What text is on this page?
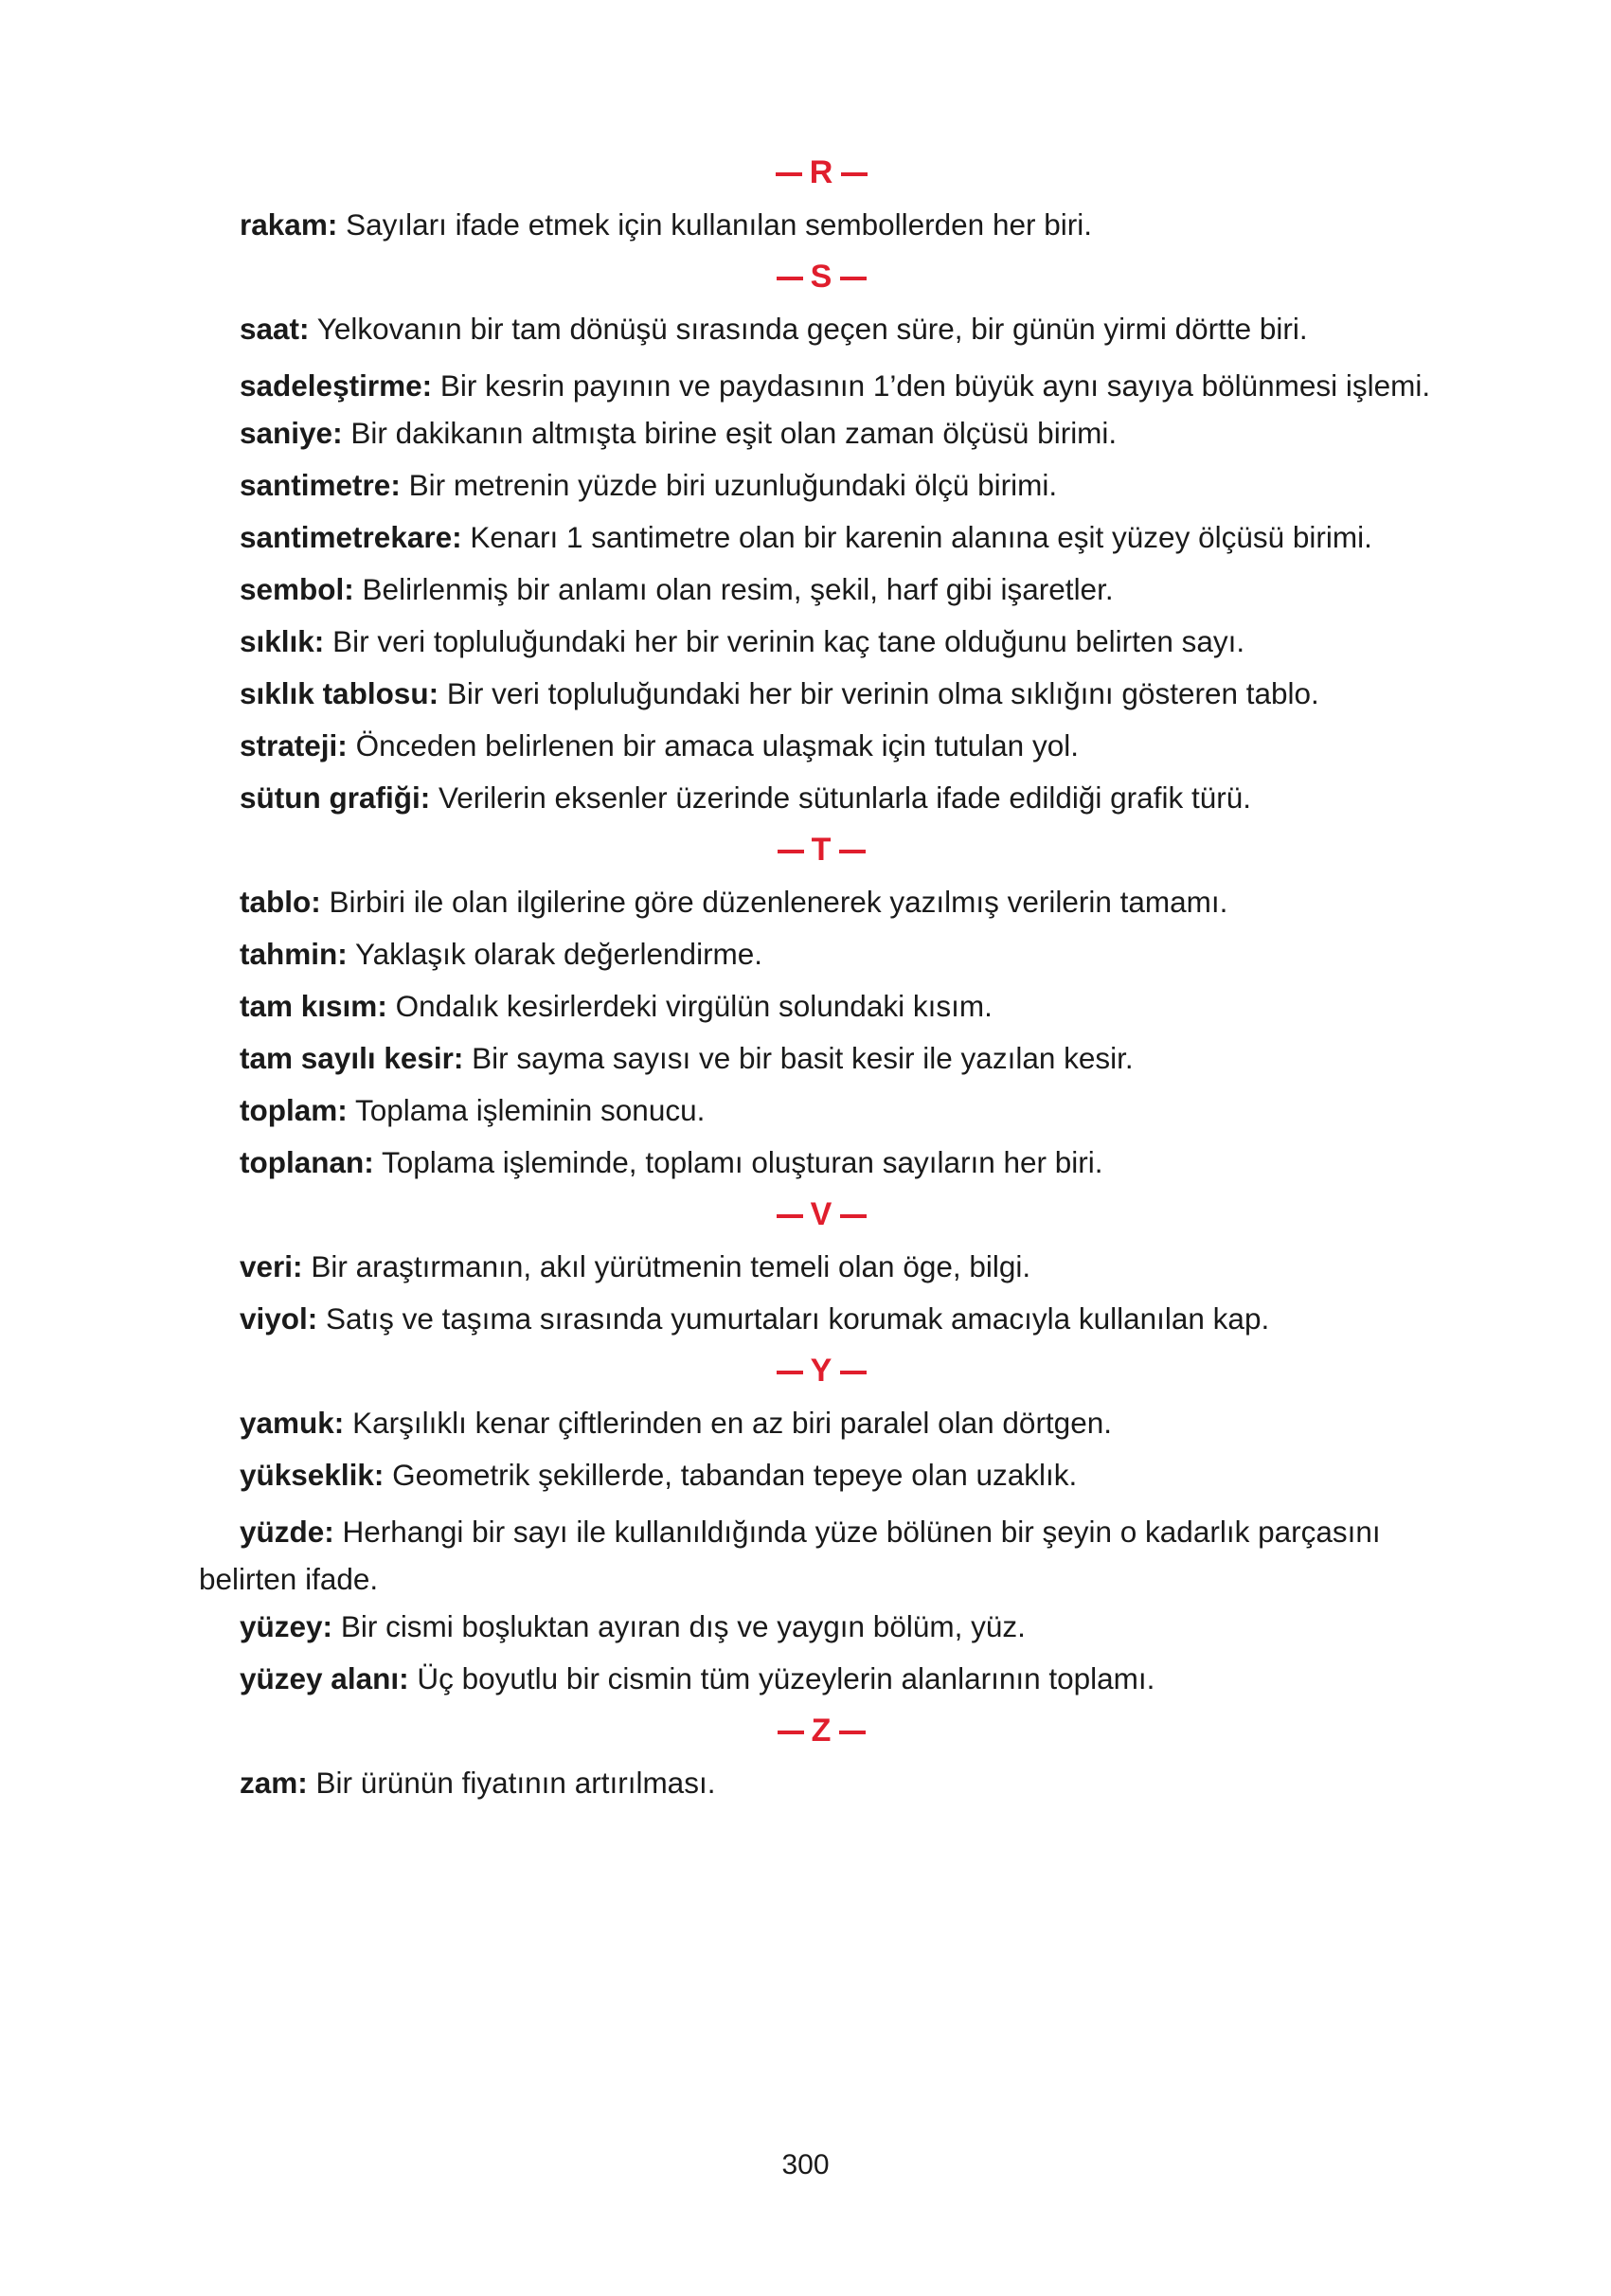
R

rakam: Sayıları ifade etmek için kullanılan sembollerden her biri.

S

saat: Yelkovanın bir tam dönüşü sırasında geçen süre, bir günün yirmi dörtte biri.

sadeleştirme: Bir kesrin payının ve paydasının 1’den büyük aynı sayıya bölünmesi işlemi.

saniye: Bir dakikanın altmışta birine eşit olan zaman ölçüsü birimi.

santimetre: Bir metrenin yüzde biri uzunluğundaki ölçü birimi.

santimetrekare: Kenarı 1 santimetre olan bir karenin alanına eşit yüzey ölçüsü birimi.

sembol: Belirlenmiş bir anlamı olan resim, şekil, harf gibi işaretler.

sıklık: Bir veri topluluğundaki her bir verinin kaç tane olduğunu belirten sayı.

sıklık tablosu: Bir veri topluluğundaki her bir verinin olma sıklığını gösteren tablo.

strateji: Önceden belirlenen bir amaca ulaşmak için tutulan yol.

sütun grafiği: Verilerin eksenler üzerinde sütunlarla ifade edildiği grafik türü.

T

tablo: Birbiri ile olan ilgilerine göre düzenlenerek yazılmış verilerin tamamı.

tahmin: Yaklaşık olarak değerlendirme.

tam kısım: Ondalık kesirlerdeki virgülün solundaki kısım.

tam sayılı kesir: Bir sayma sayısı ve bir basit kesir ile yazılan kesir.

toplam: Toplama işleminin sonucu.

toplanan: Toplama işleminde, toplamı oluşturan sayıların her biri.

V

veri: Bir araştırmanın, akıl yürütmenin temeli olan öge, bilgi.

viyol: Satış ve taşıma sırasında yumurtaları korumak amacıyla kullanılan kap.

Y

yamuk: Karşılıklı kenar çiftlerinden en az biri paralel olan dörtgen.

yükseklik: Geometrik şekillerde, tabandan tepeye olan uzaklık.

yüzde: Herhangi bir sayı ile kullanıldığında yüze bölünen bir şeyin o kadarlık parçasını belirten ifade.

yüzey: Bir cismi boşluktan ayıran dış ve yaygın bölüm, yüz.

yüzey alanı: Üç boyutlu bir cismin tüm yüzeylerin alanlarının toplamı.

Z

zam: Bir ürünün fiyatının artırılması.

300
